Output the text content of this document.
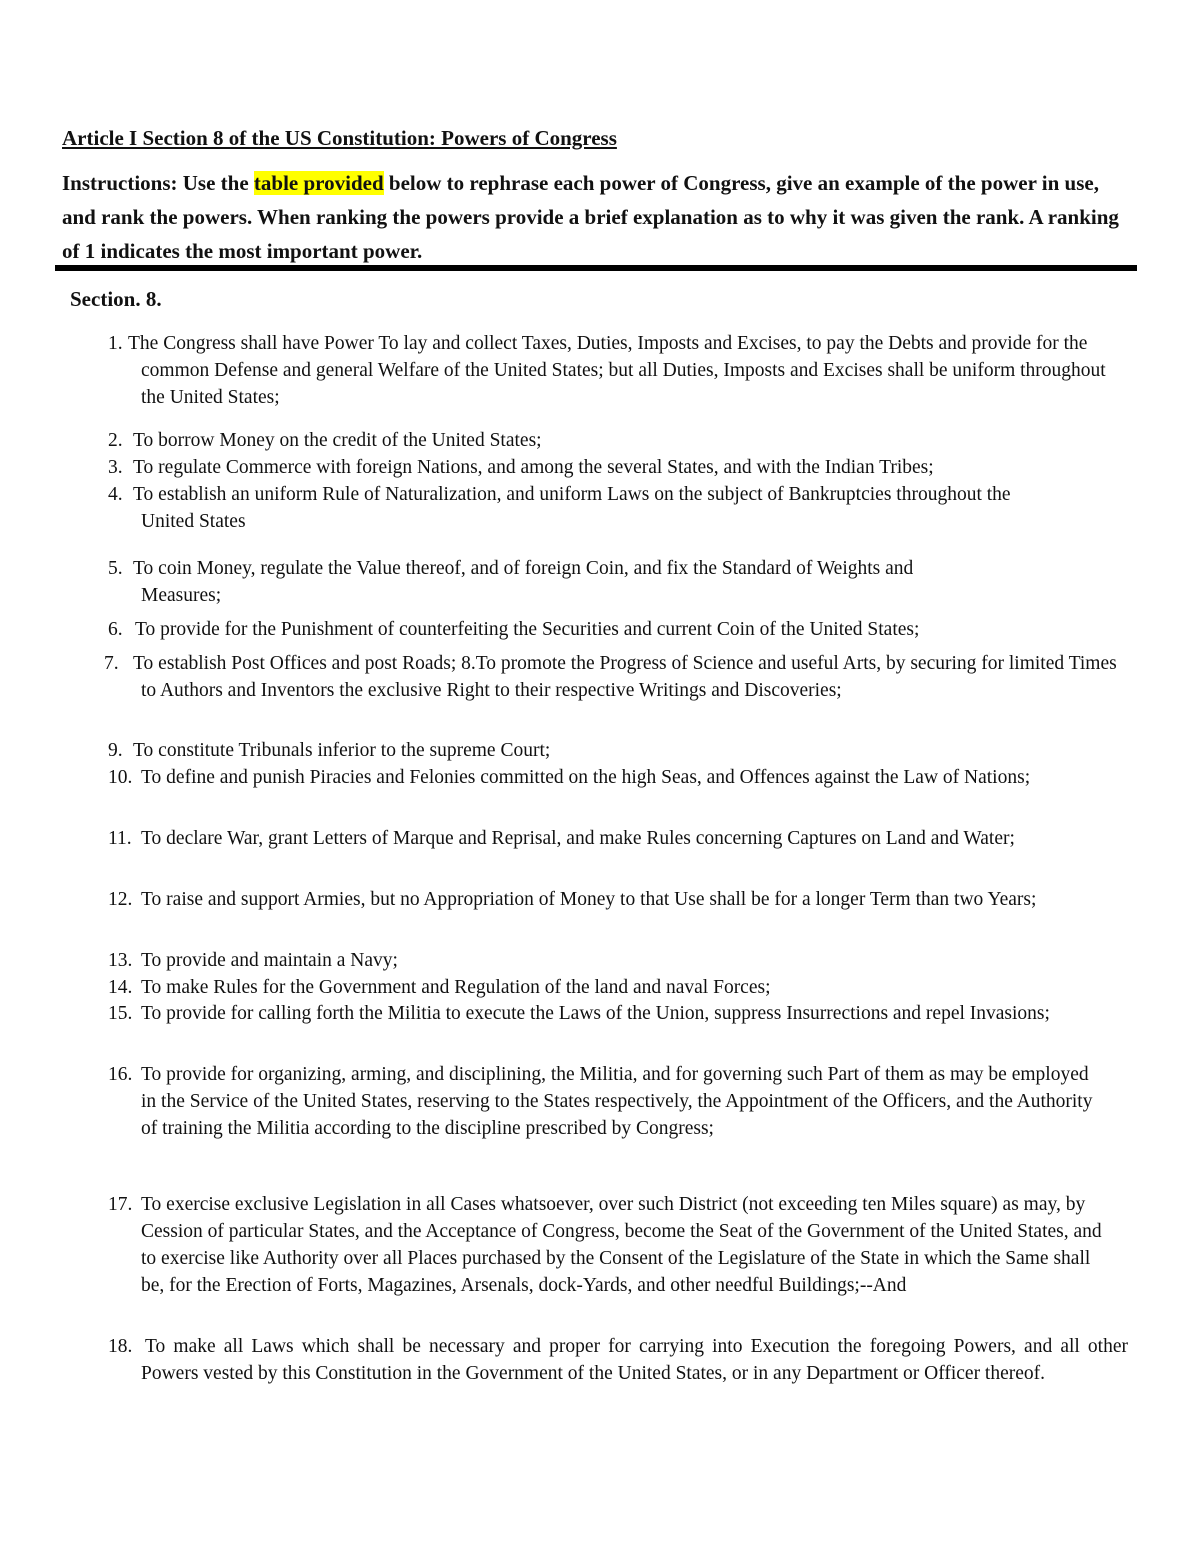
Article I Section 8 of the US Constitution: Powers of Congress

Instructions: Use the table provided below to rephrase each power of Congress, give an example of the power in use, and rank the powers. When ranking the powers provide a brief explanation as to why it was given the rank. A ranking of 1 indicates the most important power.

Section. 8.
1. The Congress shall have Power To lay and collect Taxes, Duties, Imposts and Excises, to pay the Debts and provide for the common Defense and general Welfare of the United States; but all Duties, Imposts and Excises shall be uniform throughout the United States;
2. To borrow Money on the credit of the United States;
3. To regulate Commerce with foreign Nations, and among the several States, and with the Indian Tribes;
4. To establish an uniform Rule of Naturalization, and uniform Laws on the subject of Bankruptcies throughout the United States
5. To coin Money, regulate the Value thereof, and of foreign Coin, and fix the Standard of Weights and Measures;
6. To provide for the Punishment of counterfeiting the Securities and current Coin of the United States;
7. To establish Post Offices and post Roads; 8.To promote the Progress of Science and useful Arts, by securing for limited Times to Authors and Inventors the exclusive Right to their respective Writings and Discoveries;
9. To constitute Tribunals inferior to the supreme Court;
10. To define and punish Piracies and Felonies committed on the high Seas, and Offences against the Law of Nations;
11. To declare War, grant Letters of Marque and Reprisal, and make Rules concerning Captures on Land and Water;
12. To raise and support Armies, but no Appropriation of Money to that Use shall be for a longer Term than two Years;
13. To provide and maintain a Navy;
14. To make Rules for the Government and Regulation of the land and naval Forces;
15. To provide for calling forth the Militia to execute the Laws of the Union, suppress Insurrections and repel Invasions;
16. To provide for organizing, arming, and disciplining, the Militia, and for governing such Part of them as may be employed in the Service of the United States, reserving to the States respectively, the Appointment of the Officers, and the Authority of training the Militia according to the discipline prescribed by Congress;
17. To exercise exclusive Legislation in all Cases whatsoever, over such District (not exceeding ten Miles square) as may, by Cession of particular States, and the Acceptance of Congress, become the Seat of the Government of the United States, and to exercise like Authority over all Places purchased by the Consent of the Legislature of the State in which the Same shall be, for the Erection of Forts, Magazines, Arsenals, dock-Yards, and other needful Buildings;--And
18. To make all Laws which shall be necessary and proper for carrying into Execution the foregoing Powers, and all other Powers vested by this Constitution in the Government of the United States, or in any Department or Officer thereof.
